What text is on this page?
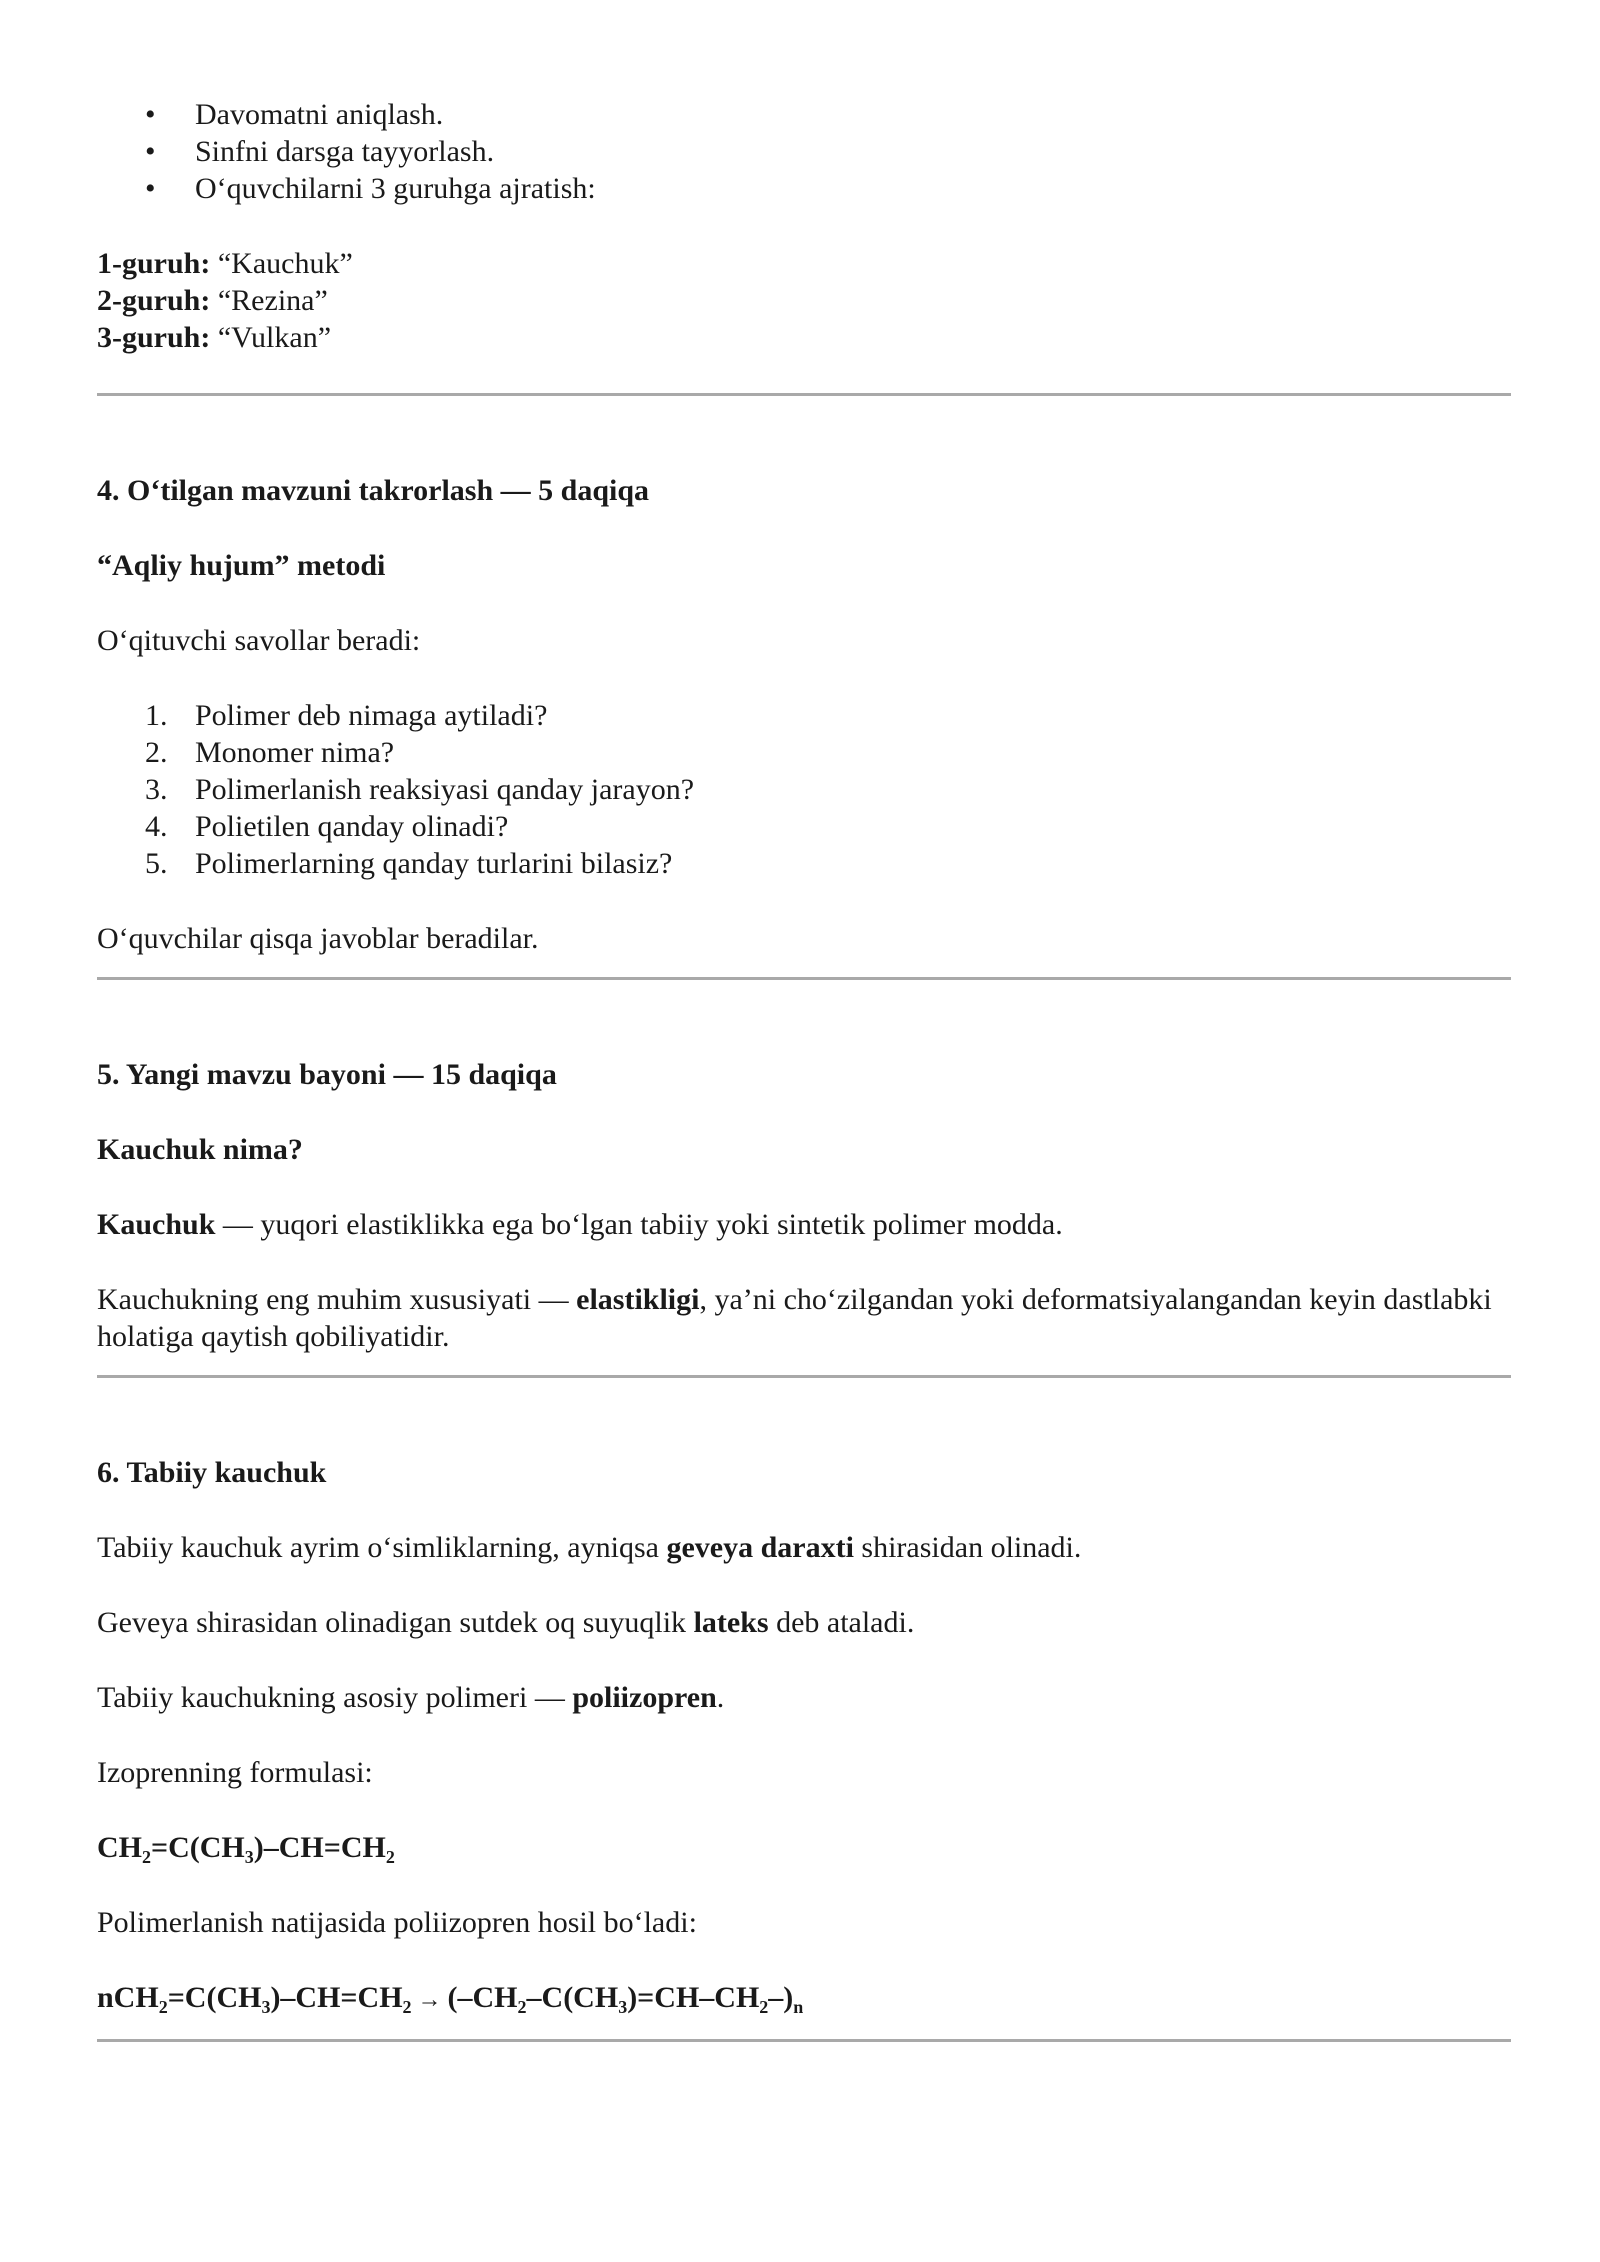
• Davomatni aniqlash.
• Sinfni darsga tayyorlash.
• O‘quvchilarni 3 guruhga ajratish:

1-guruh: “Kauchuk”

2-guruh: “Rezina”

3-guruh: “Vulkan”

4. O‘tilgan mavzuni takrorlash — 5 daqiqa

“Aqliy hujum” metodi

O‘qituvchi savollar beradi:

1. Polimer deb nimaga aytiladi?
2. Monomer nima?
3. Polimerlanish reaksiyasi qanday jarayon?
4. Polietilen qanday olinadi?
5. Polimerlarning qanday turlarini bilasiz?

O‘quvchilar qisqa javoblar beradilar.

5. Yangi mavzu bayoni — 15 daqiqa

Kauchuk nima?

Kauchuk — yuqori elastiklikka ega bo‘lgan tabiiy yoki sintetik polimer modda.

Kauchukning eng muhim xususiyati — elastikligi, ya’ni cho‘zilgandan yoki deformatsiyalangandan keyin dastlabki holatiga qaytish qobiliyatidir.

6. Tabiiy kauchuk

Tabiiy kauchuk ayrim o‘simliklarning, ayniqsa geveya daraxti shirasidan olinadi.

Geveya shirasidan olinadigan sutdek oq suyuqlik lateks deb ataladi.

Tabiiy kauchukning asosiy polimeri — poliizopren.

Izoprenning formulasi:

$CH_2=C(CH_3)-CH=CH_2$

Polimerlanish natijasida poliizopren hosil bo‘ladi:

$nCH_2=C(CH_3)-CH=CH_2 \to (-CH_2-C(CH_3)=CH-CH_2-)_n$
